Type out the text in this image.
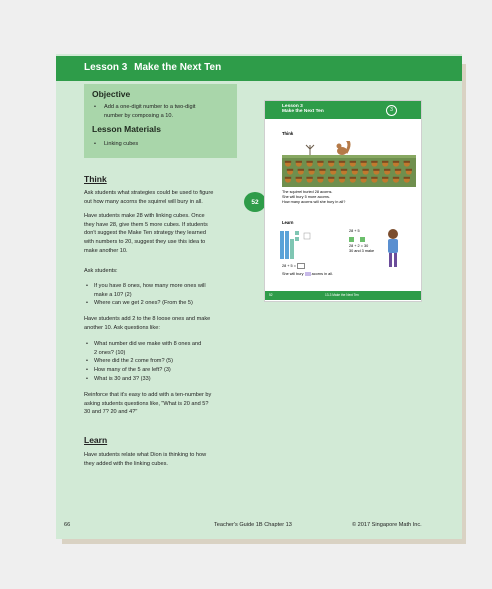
Lesson 3 Make the Next Ten
Objective
• Add a one-digit number to a two-digit
number by composing a 10.
Lesson Materials
• Linking cubes
Think
Ask students what strategies could be used to figure
out how many acorns the squirrel will bury in all.
Have students make 28 with linking cubes. Once
they have 28, give them 5 more cubes. If students
don't suggest the Make Ten strategy they learned
with numbers to 20, suggest they use this idea to
make another 10.
Ask students:
• If you have 8 ones, how many more ones will
make a 10? (2)
• Where can we get 2 ones? (From the 5)
Have students add 2 to the 8 loose ones and make
another 10. Ask questions like:
• What number did we make with 8 ones and
2 ones? (10)
• Where did the 2 come from? (5)
• How many of the 5 are left? (3)
• What is 30 and 3? (33)
Reinforce that it's easy to add with a ten-number by
asking students questions like, "What is 20 and 5?
30 and 7? 20 and 4?"
Learn
Have students relate what Dion is thinking to how
they added with the linking cubes.
66	Teacher's Guide 1B Chapter 13	© 2017 Singapore Math Inc.
52
Lesson 3
Make the Next Ten	3
Think
The squirrel buried 28 acorns.
She will bury 5 more acorns.
How many acorns will she bury in all?
Learn
28 + 5
28 + 2 = 30
30 and 3 make
28 + 5 =
She will bury acorns in all.
52	13-3 Make the Next Ten
